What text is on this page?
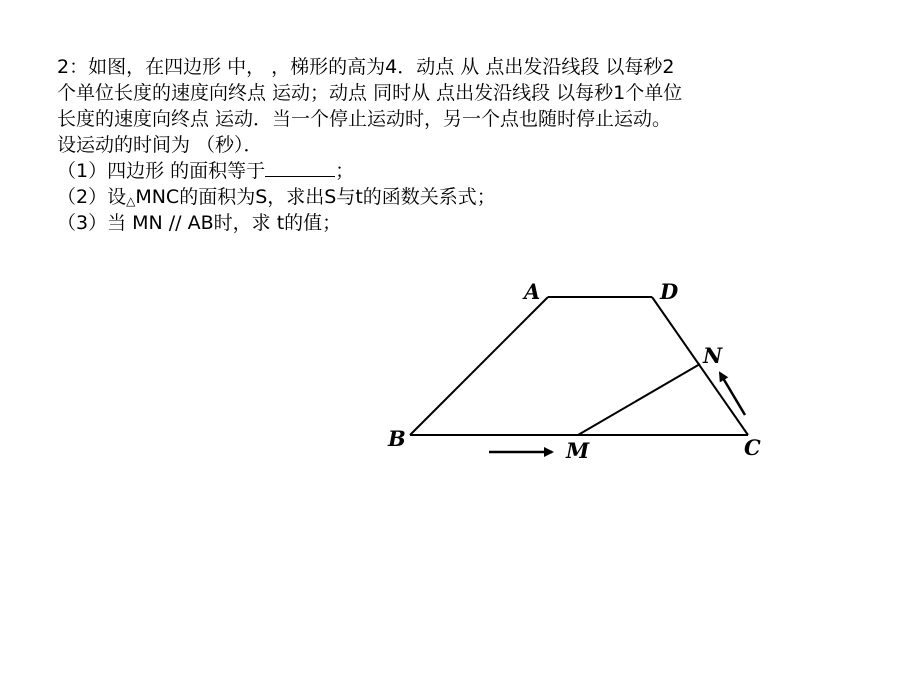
2：如图，在四边形 中， ，梯形的高为4．动点 从 点出发沿线段 以每秒2
个单位长度的速度向终点 运动；动点 同时从 点出发沿线段 以每秒1个单位
长度的速度向终点 运动．当一个停止运动时，另一个点也随时停止运动。
设运动的时间为 （秒）．
（1）四边形 的面积等于	；
（2）设△MNC的面积为S，求出S与t的函数关系式；
（3）当 MN // AB时，求 t的值；
A	D
N
B	M	C
